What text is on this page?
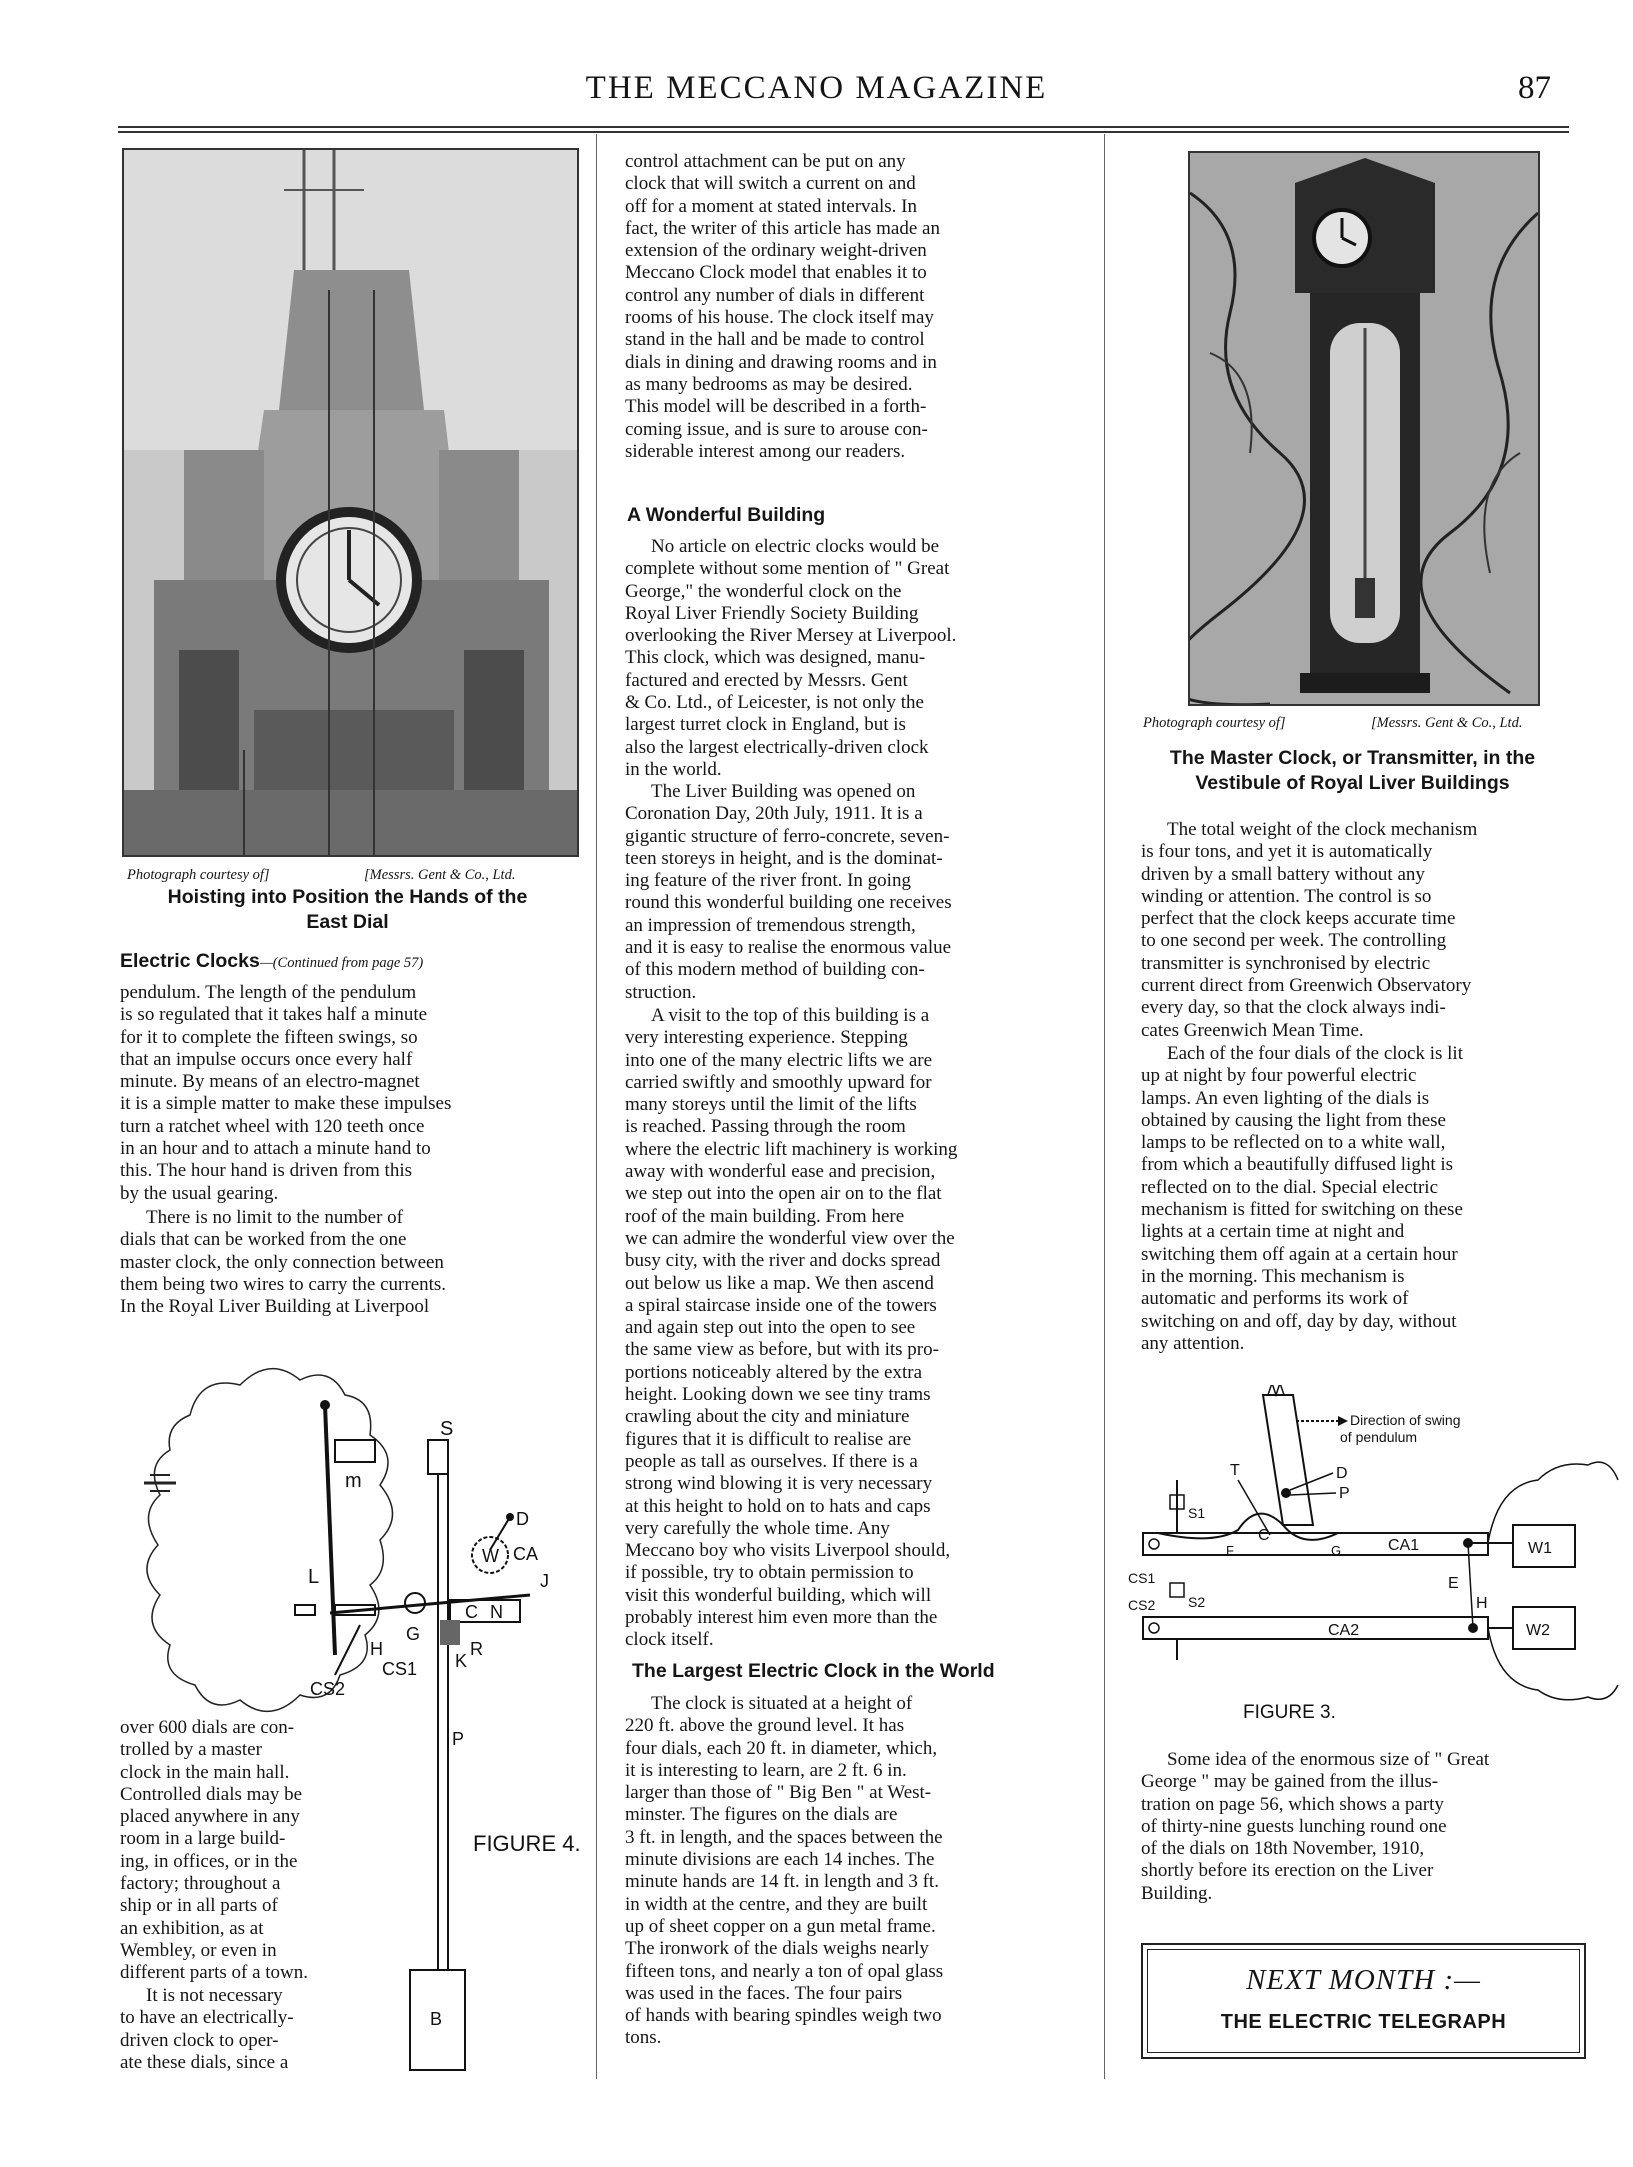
THE MECCANO MAGAZINE	87
Photograph courtesy of]	[Messrs. Gent & Co., Ltd.
Hoisting into Position the Hands of the
East Dial
Electric Clocks—(Continued from page 57)
pendulum. The length of the pendulum
is so regulated that it takes half a minute
for it to complete the fifteen swings, so
that an impulse occurs once every half
minute. By means of an electro-magnet
it is a simple matter to make these impulses
turn a ratchet wheel with 120 teeth once
in an hour and to attach a minute hand to
this. The hour hand is driven from this
by the usual gearing.
There is no limit to the number of
dials that can be worked from the one
master clock, the only connection between
them being two wires to carry the currents.
In the Royal Liver Building at Liverpool
over 600 dials are con-
trolled by a master
clock in the main hall.
Controlled dials may be
placed anywhere in any
room in a large build-
ing, in offices, or in the
factory; throughout a
ship or in all parts of
an exhibition, as at
Wembley, or even in
different parts of a town.
It is not necessary
to have an electrically-
driven clock to oper-
ate these dials, since a
m
L
S
P
B
C N
G
R
K
W
D
CA
J
H
CS1
CS2
FIGURE 4.
control attachment can be put on any
clock that will switch a current on and
off for a moment at stated intervals. In
fact, the writer of this article has made an
extension of the ordinary weight-driven
Meccano Clock model that enables it to
control any number of dials in different
rooms of his house. The clock itself may
stand in the hall and be made to control
dials in dining and drawing rooms and in
as many bedrooms as may be desired.
This model will be described in a forth-
coming issue, and is sure to arouse con-
siderable interest among our readers.
A Wonderful Building
No article on electric clocks would be
complete without some mention of " Great
George," the wonderful clock on the
Royal Liver Friendly Society Building
overlooking the River Mersey at Liverpool.
This clock, which was designed, manu-
factured and erected by Messrs. Gent
& Co. Ltd., of Leicester, is not only the
largest turret clock in England, but is
also the largest electrically-driven clock
in the world.
The Liver Building was opened on
Coronation Day, 20th July, 1911. It is a
gigantic structure of ferro-concrete, seven-
teen storeys in height, and is the dominat-
ing feature of the river front. In going
round this wonderful building one receives
an impression of tremendous strength,
and it is easy to realise the enormous value
of this modern method of building con-
struction.
A visit to the top of this building is a
very interesting experience. Stepping
into one of the many electric lifts we are
carried swiftly and smoothly upward for
many storeys until the limit of the lifts
is reached. Passing through the room
where the electric lift machinery is working
away with wonderful ease and precision,
we step out into the open air on to the flat
roof of the main building. From here
we can admire the wonderful view over the
busy city, with the river and docks spread
out below us like a map. We then ascend
a spiral staircase inside one of the towers
and again step out into the open to see
the same view as before, but with its pro-
portions noticeably altered by the extra
height. Looking down we see tiny trams
crawling about the city and miniature
figures that it is difficult to realise are
people as tall as ourselves. If there is a
strong wind blowing it is very necessary
at this height to hold on to hats and caps
very carefully the whole time. Any
Meccano boy who visits Liverpool should,
if possible, try to obtain permission to
visit this wonderful building, which will
probably interest him even more than the
clock itself.
The Largest Electric Clock in the World
The clock is situated at a height of
220 ft. above the ground level. It has
four dials, each 20 ft. in diameter, which,
it is interesting to learn, are 2 ft. 6 in.
larger than those of " Big Ben " at West-
minster. The figures on the dials are
3 ft. in length, and the spaces between the
minute divisions are each 14 inches. The
minute hands are 14 ft. in length and 3 ft.
in width at the centre, and they are built
up of sheet copper on a gun metal frame.
The ironwork of the dials weighs nearly
fifteen tons, and nearly a ton of opal glass
was used in the faces. The four pairs
of hands with bearing spindles weigh two
tons.
Photograph courtesy of]	[Messrs. Gent & Co., Ltd.
The Master Clock, or Transmitter, in the
Vestibule of Royal Liver Buildings
The total weight of the clock mechanism
is four tons, and yet it is automatically
driven by a small battery without any
winding or attention. The control is so
perfect that the clock keeps accurate time
to one second per week. The controlling
transmitter is synchronised by electric
current direct from Greenwich Observatory
every day, so that the clock always indi-
cates Greenwich Mean Time.
Each of the four dials of the clock is lit
up at night by four powerful electric
lamps. An even lighting of the dials is
obtained by causing the light from these
lamps to be reflected on to a white wall,
from which a beautifully diffused light is
reflected on to the dial. Special electric
mechanism is fitted for switching on these
lights at a certain time at night and
switching them off again at a certain hour
in the morning. This mechanism is
automatic and performs its work of
switching on and off, day by day, without
any attention.
Direction of swing
of pendulum
T	D
P
S1
C
F	G	CA1	W1
CS1	E
H
CS2 S2
CA2	W2
FIGURE 3.
Some idea of the enormous size of " Great
George " may be gained from the illus-
tration on page 56, which shows a party
of thirty-nine guests lunching round one
of the dials on 18th November, 1910,
shortly before its erection on the Liver
Building.
NEXT MONTH :—
THE ELECTRIC TELEGRAPH
